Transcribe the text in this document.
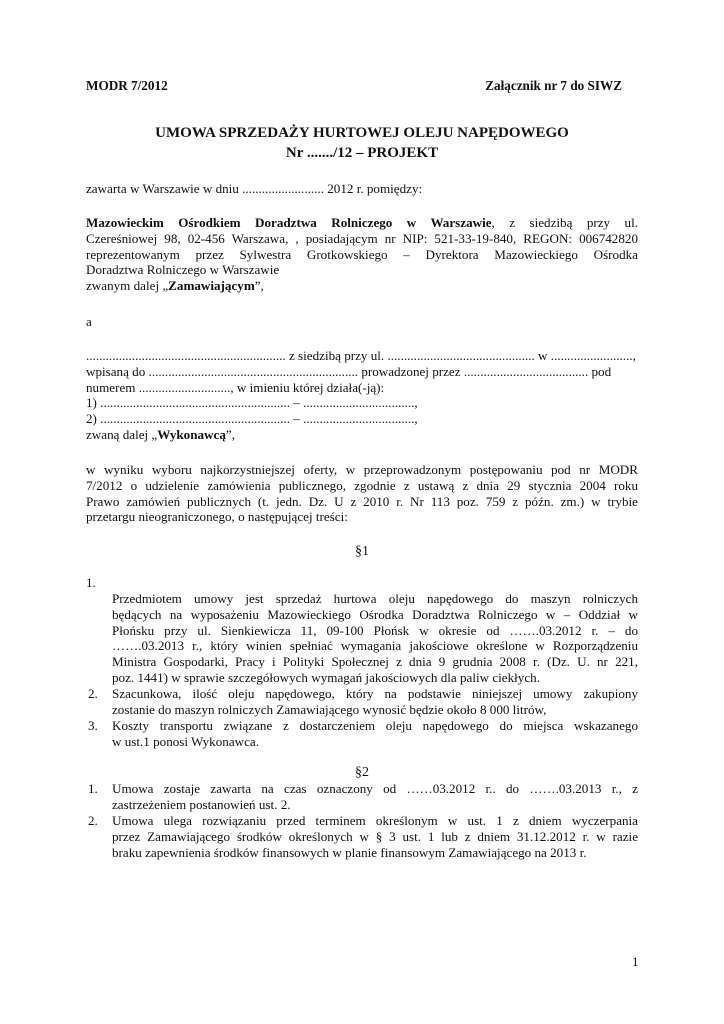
MODR 7/2012	Załącznik nr 7 do SIWZ
UMOWA SPRZEDAŻY HURTOWEJ OLEJU NAPĘDOWEGO
Nr ......./12 – PROJEKT
zawarta w Warszawie w dniu ......................... 2012 r. pomiędzy:
Mazowieckim Ośrodkiem Doradztwa Rolniczego w Warszawie, z siedzibą przy ul.
Czereśniowej 98, 02-456 Warszawa, , posiadającym nr NIP: 521-33-19-840, REGON: 006742820
reprezentowanym przez Sylwestra Grotkowskiego – Dyrektora Mazowieckiego Ośrodka
Doradztwa Rolniczego w Warszawie
zwanym dalej „Zamawiającym”,
a
............................................................. z siedzibą przy ul. ............................................. w .........................,
wpisaną do ................................................................ prowadzonej przez ...................................... pod
numerem ............................, w imieniu której działa(-ją):
1) .......................................................... – ..................................,
2) .......................................................... – ..................................,
zwaną dalej „Wykonawcą”,
w wyniku wyboru najkorzystniejszej oferty, w przeprowadzonym postępowaniu pod nr MODR
7/2012 o udzielenie zamówienia publicznego, zgodnie z ustawą z dnia 29 stycznia 2004 roku
Prawo zamówień publicznych (t. jedn. Dz. U z 2010 r. Nr 113 poz. 759 z późn. zm.) w trybie
przetargu nieograniczonego, o następującej treści:
§1
1.
Przedmiotem umowy jest sprzedaż hurtowa oleju napędowego do maszyn rolniczych
będących na wyposażeniu Mazowieckiego Ośrodka Doradztwa Rolniczego w – Oddział w
Płońsku przy ul. Sienkiewicza 11, 09-100 Płońsk w okresie od …….03.2012 r. – do
…….03.2013 r., który winien spełniać wymagania jakościowe określone w Rozporządzeniu
Ministra Gospodarki, Pracy i Polityki Społecznej z dnia 9 grudnia 2008 r. (Dz. U. nr 221,
poz. 1441) w sprawie szczegółowych wymagań jakościowych dla paliw ciekłych.
2. Szacunkowa, ilość oleju napędowego, który na podstawie niniejszej umowy zakupiony
zostanie do maszyn rolniczych Zamawiającego wynosić będzie około 8 000 litrów,
3. Koszty transportu związane z dostarczeniem oleju napędowego do miejsca wskazanego
w ust.1 ponosi Wykonawca.
§2
1. Umowa zostaje zawarta na czas oznaczony od ……03.2012 r.. do …….03.2013 r., z
zastrzeżeniem postanowień ust. 2.
2. Umowa ulega rozwiązaniu przed terminem określonym w ust. 1 z dniem wyczerpania
przez Zamawiającego środków określonych w § 3 ust. 1 lub z dniem 31.12.2012 r. w razie
braku zapewnienia środków finansowych w planie finansowym Zamawiającego na 2013 r.
1
